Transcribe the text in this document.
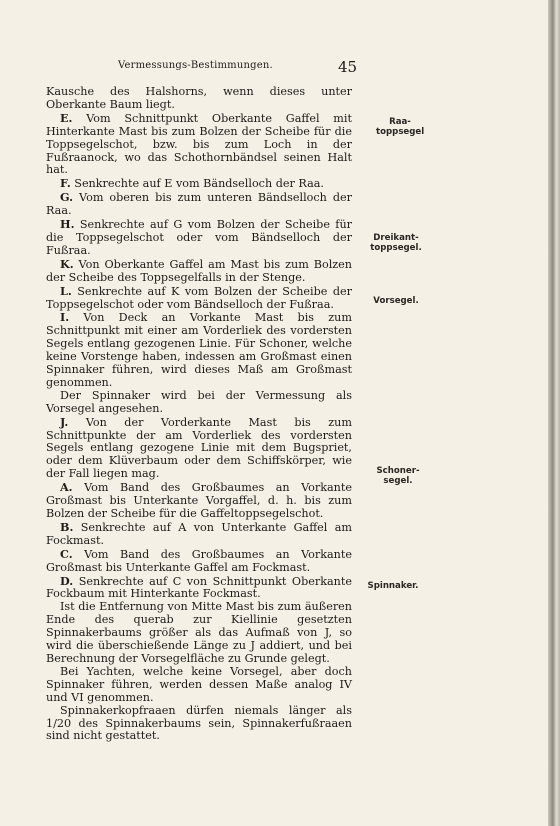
Vermessungs-Bestimmungen.	45

Kausche des Halshorns, wenn dieses unter Oberkante Baum liegt.

E. Vom Schnittpunkt Oberkante Gaffel mit Hinterkante Mast bis zum Bolzen der Scheibe für die Toppsegelschot, bzw. bis zum Loch in der Fußraanock, wo das Schothornbändsel seinen Halt hat.

F. Senkrechte auf E vom Bändselloch der Raa.

G. Vom oberen bis zum unteren Bändselloch der Raa.

H. Senkrechte auf G vom Bolzen der Scheibe für die Toppsegelschot oder vom Bändselloch der Fußraa.

K. Von Oberkante Gaffel am Mast bis zum Bolzen der Scheibe des Toppsegelfalls in der Stenge.

L. Senkrechte auf K vom Bolzen der Scheibe der Toppsegelschot oder vom Bändselloch der Fußraa.

I. Von Deck an Vorkante Mast bis zum Schnittpunkt mit einer am Vorderliek des vordersten Segels entlang gezogenen Linie. Für Schoner, welche keine Vorstenge haben, indessen am Großmast einen Spinnaker führen, wird dieses Maß am Großmast genommen.

Der Spinnaker wird bei der Vermessung als Vorsegel angesehen.

J. Von der Vorderkante Mast bis zum Schnittpunkte der am Vorderliek des vordersten Segels entlang gezogene Linie mit dem Bugspriet, oder dem Klüverbaum oder dem Schiffskörper, wie der Fall liegen mag.

A. Vom Band des Großbaumes an Vorkante Großmast bis Unterkante Vorgaffel, d. h. bis zum Bolzen der Scheibe für die Gaffeltoppsegelschot.

B. Senkrechte auf A von Unterkante Gaffel am Fockmast.

C. Vom Band des Großbaumes an Vorkante Großmast bis Unterkante Gaffel am Fockmast.

D. Senkrechte auf C von Schnittpunkt Oberkante Fockbaum mit Hinterkante Fockmast.

Ist die Entfernung von Mitte Mast bis zum äußeren Ende des querab zur Kiellinie gesetzten Spinnakerbaums größer als das Aufmaß von J, so wird die überschießende Länge zu J addiert, und bei Berechnung der Vorsegelfläche zu Grunde gelegt.

Bei Yachten, welche keine Vorsegel, aber doch Spinnaker führen, werden dessen Maße analog IV und VI genommen.

Spinnakerkopfraaen dürfen niemals länger als 1/20 des Spinnakerbaums sein, Spinnakerfußraaen sind nicht gestattet.

Raa-
toppsegel
Dreikant-
toppsegel.
Vorsegel.
Schoner-
segel.
Spinnaker.
